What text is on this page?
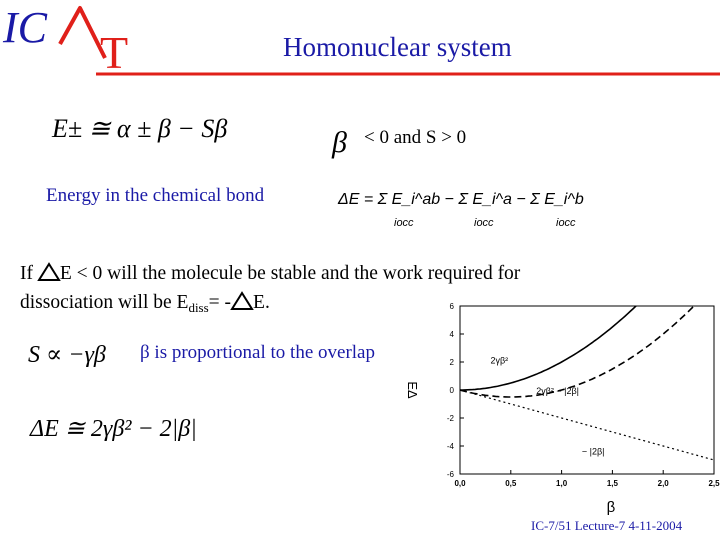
IC T	Homonuclear system
E± ≅ α ± β − Sβ	β < 0 and S > 0
Energy in the chemical bond	ΔE = Σ E_i^ab − Σ E_i^a − Σ E_i^b
iocc	iocc	iocc
If E < 0 will the molecule be stable and the work required for
dissociation will be $E_{diss}= - E$.
S ∝ −γβ β is proportional to the overlap
ΔE ≅ 2γβ² − 2|β|
6
4
2
0
-2
-4
-6
0,0	0,5	1,0	1,5	2,0	2,5
2γβ²
2γβ² − |2β|
− |2β|
β
EΔ
IC-7/51 Lecture-7 4-11-2004
